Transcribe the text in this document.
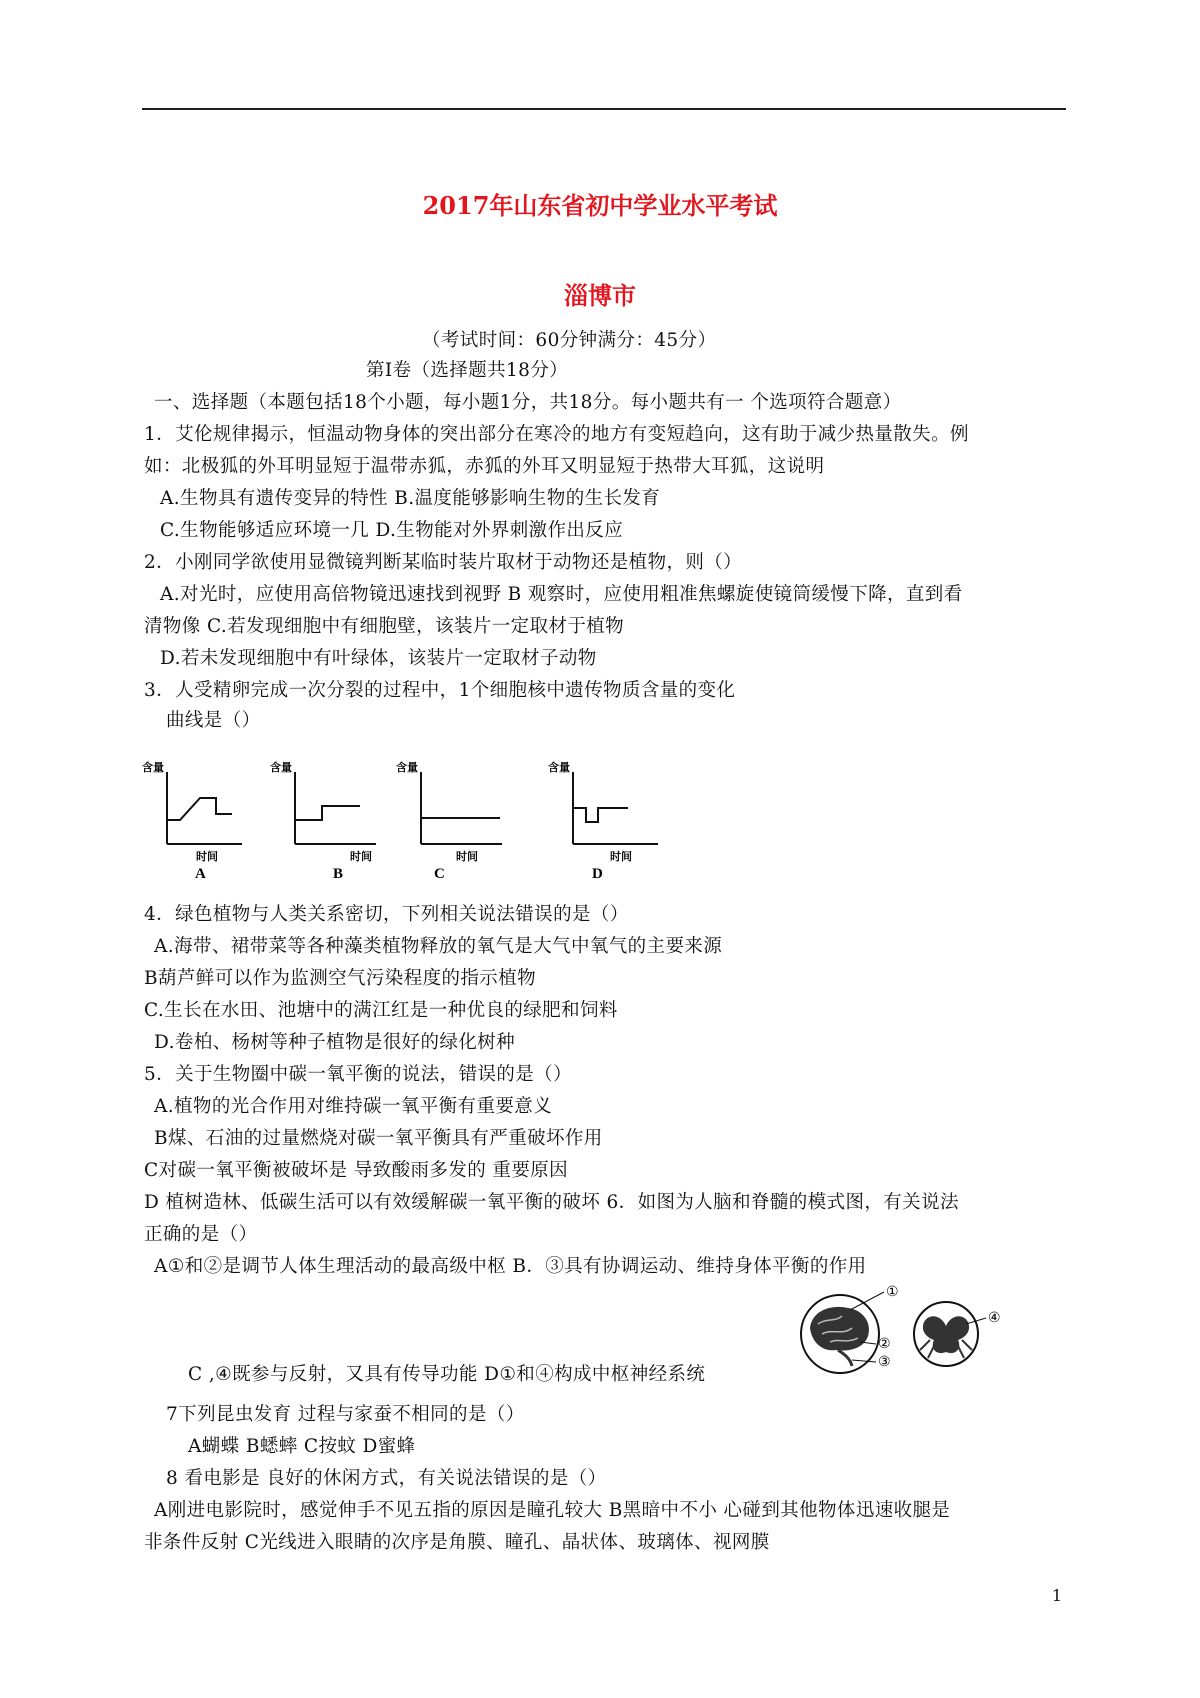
2017年山东省初中学业水平考试
淄博市
（考试时间：60分钟满分：45分）
第Ⅰ卷（选择题共18分）
一、选择题（本题包括18个小题，每小题1分，共18分。每小题共有一 个选项符合题意）
1．艾伦规律揭示，恒温动物身体的突出部分在寒冷的地方有变短趋向，这有助于减少热量散失。例
如：北极狐的外耳明显短于温带赤狐，赤狐的外耳又明显短于热带大耳狐，这说明
A.生物具有遗传变异的特性 B.温度能够影响生物的生长发育
C.生物能够适应环境一几 D.生物能对外界刺激作出反应
2．小刚同学欲使用显微镜判断某临时装片取材于动物还是植物，则（）
A.对光时，应使用高倍物镜迅速找到视野 B 观察时，应使用粗准焦螺旋使镜筒缓慢下降，直到看
清物像 C.若发现细胞中有细胞壁，该装片一定取材于植物
D.若未发现细胞中有叶绿体，该装片一定取材子动物
3．人受精卵完成一次分裂的过程中，1个细胞核中遗传物质含量的变化
曲线是（）
含量
时间
A
含量
时间
B
含量
时间
C
含量
时间
D
4．绿色植物与人类关系密切，下列相关说法错误的是（）
A.海带、裙带菜等各种藻类植物释放的氧气是大气中氧气的主要来源
B葫芦鲜可以作为监测空气污染程度的指示植物
C.生长在水田、池塘中的满江红是一种优良的绿肥和饲料
D.卷柏、杨树等种子植物是很好的绿化树种
5．关于生物圈中碳一氧平衡的说法，错误的是（）
A.植物的光合作用对维持碳一氧平衡有重要意义
B煤、石油的过量燃烧对碳一氧平衡具有严重破坏作用
C对碳一氧平衡被破坏是 导致酸雨多发的 重要原因
D 植树造林、低碳生活可以有效缓解碳一氧平衡的破坏 6．如图为人脑和脊髓的模式图，有关说法
正确的是（）
A①和②是调节人体生理活动的最高级中枢 B．③具有协调运动、维持身体平衡的作用
①
②
③
④
C ,④既参与反射，又具有传导功能 D①和④构成中枢神经系统
7下列昆虫发育 过程与家蚕不相同的是（）
A蝴蝶 B蟋蟀 C按蚊 D蜜蜂
8 看电影是 良好的休闲方式，有关说法错误的是（）
A刚进电影院时，感觉伸手不见五指的原因是瞳孔较大 B黑暗中不小 心碰到其他物体迅速收腿是
非条件反射 C光线进入眼睛的次序是角膜、瞳孔、晶状体、玻璃体、视网膜
1
